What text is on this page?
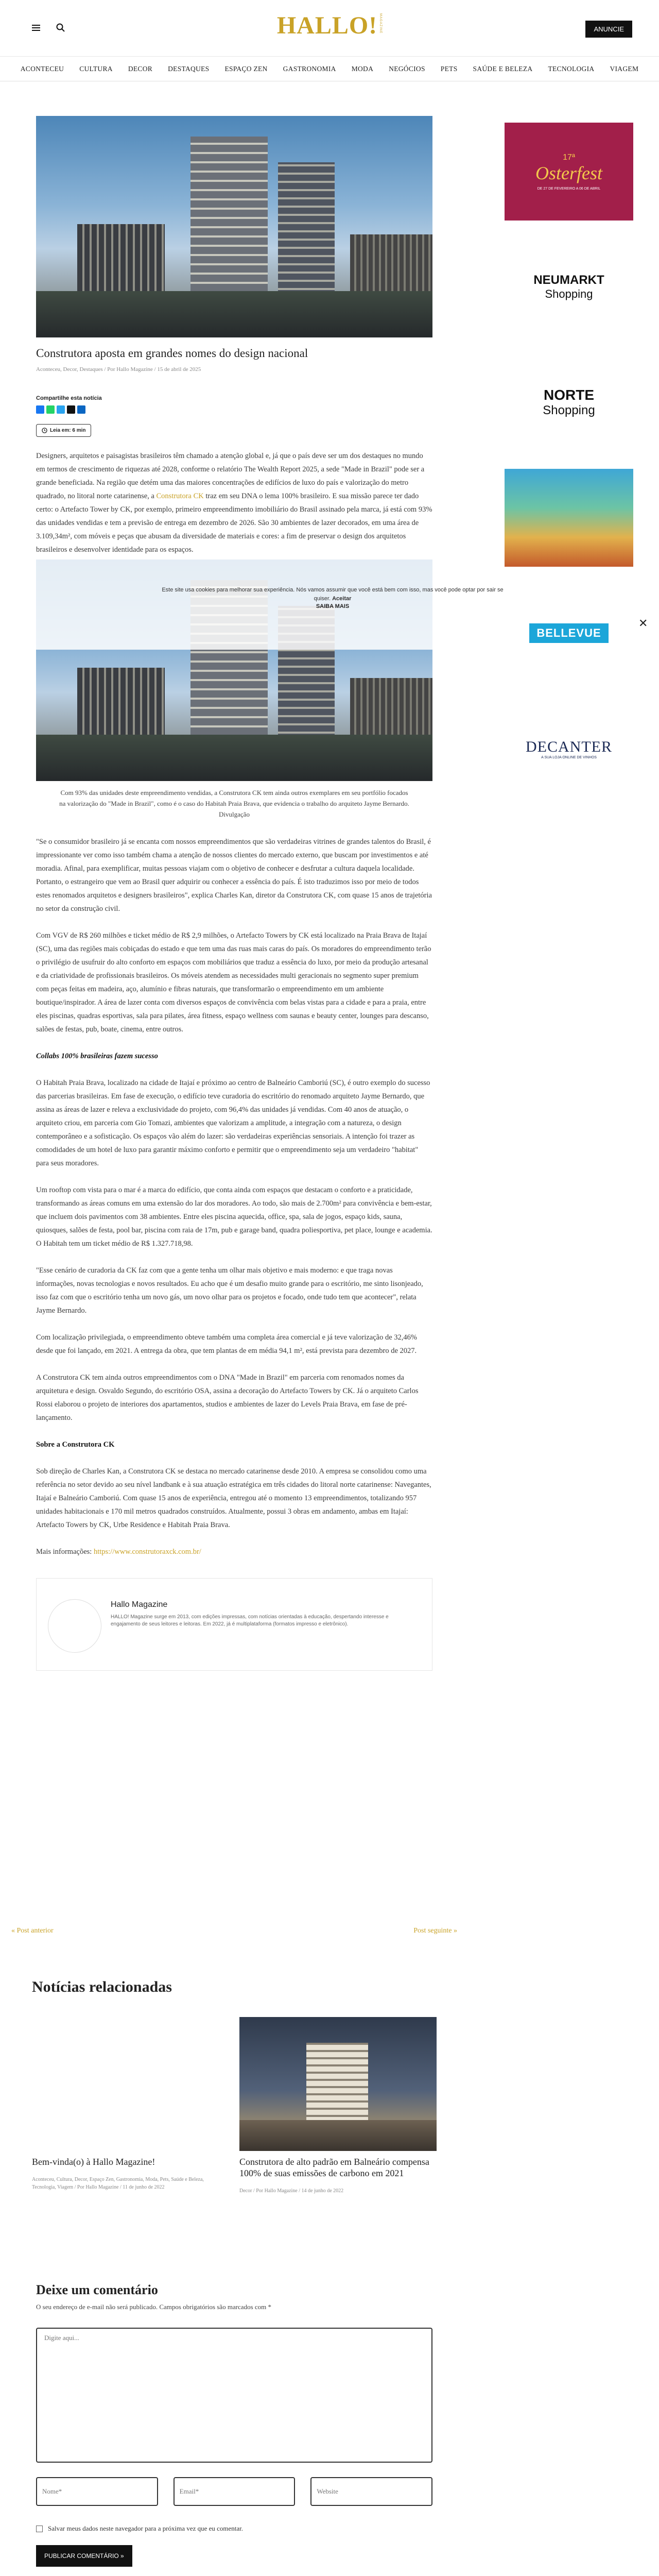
HALLO! MAGAZINE	ANUNCIE
ACONTECEU CULTURA DECOR DESTAQUES ESPAÇO ZEN GASTRONOMIA MODA NEGÓCIOS PETS SAÚDE E BELEZA TECNOLOGIA VIAGEM
Construtora aposta em grandes nomes do design nacional
Aconteceu, Decor, Destaques / Por Hallo Magazine / 15 de abril de 2025
Compartilhe esta notícia
Leia em: 6 min

Designers, arquitetos e paisagistas brasileiros têm chamado a atenção global e, já que o país deve ser um dos destaques no mundo em termos de crescimento de riquezas até 2028, conforme o relatório The Wealth Report 2025, a sede "Made in Brazil" pode ser a grande beneficiada. Na região que detém uma das maiores concentrações de edifícios de luxo do país e valorização do metro quadrado, no litoral norte catarinense, a Construtora CK traz em seu DNA o lema 100% brasileiro. E sua missão parece ter dado certo: o Artefacto Tower by CK, por exemplo, primeiro empreendimento imobiliário do Brasil assinado pela marca, já está com 93% das unidades vendidas e tem a previsão de entrega em dezembro de 2026. São 30 ambientes de lazer decorados, em uma área de 3.109,34m², com móveis e peças que abusam da diversidade de materiais e cores: a fim de preservar o design dos arquitetos brasileiros e desenvolver identidade para os espaços.

Com 93% das unidades deste empreendimento vendidas, a Construtora CK tem ainda outros exemplares em seu portfólio focados na valorização do "Made in Brazil", como é o caso do Habitah Praia Brava, que evidencia o trabalho do arquiteto Jayme Bernardo. Divulgação

"Se o consumidor brasileiro já se encanta com nossos empreendimentos que são verdadeiras vitrines de grandes talentos do Brasil, é impressionante ver como isso também chama a atenção de nossos clientes do mercado externo, que buscam por investimentos e até moradia. Afinal, para exemplificar, muitas pessoas viajam com o objetivo de conhecer e desfrutar a cultura daquela localidade. Portanto, o estrangeiro que vem ao Brasil quer adquirir ou conhecer a essência do país. É isto traduzimos isso por meio de todos estes renomados arquitetos e designers brasileiros", explica Charles Kan, diretor da Construtora CK, com quase 15 anos de trajetória no setor da construção civil.

Com VGV de R$ 260 milhões e ticket médio de R$ 2,9 milhões, o Artefacto Towers by CK está localizado na Praia Brava de Itajaí (SC), uma das regiões mais cobiçadas do estado e que tem uma das ruas mais caras do país. Os moradores do empreendimento terão o privilégio de usufruir do alto conforto em espaços com mobiliários que traduz a essência do luxo, por meio da produção artesanal e da criatividade de profissionais brasileiros. Os móveis atendem as necessidades multi geracionais no segmento super premium com peças feitas em madeira, aço, alumínio e fibras naturais, que transformarão o empreendimento em um ambiente boutique/inspirador. A área de lazer conta com diversos espaços de convivência com belas vistas para a cidade e para a praia, entre eles piscinas, quadras esportivas, sala para pilates, área fitness, espaço wellness com saunas e beauty center, lounges para descanso, salões de festas, pub, boate, cinema, entre outros.

Collabs 100% brasileiras fazem sucesso

O Habitah Praia Brava, localizado na cidade de Itajaí e próximo ao centro de Balneário Camboriú (SC), é outro exemplo do sucesso das parcerias brasileiras. Em fase de execução, o edifício teve curadoria do escritório do renomado arquiteto Jayme Bernardo, que assina as áreas de lazer e releva a exclusividade do projeto, com 96,4% das unidades já vendidas. Com 40 anos de atuação, o arquiteto criou, em parceria com Gio Tomazi, ambientes que valorizam a amplitude, a integração com a natureza, o design contemporâneo e a sofisticação. Os espaços vão além do lazer: são verdadeiras experiências sensoriais. A intenção foi trazer as comodidades de um hotel de luxo para garantir máximo conforto e permitir que o empreendimento seja um verdadeiro "habitat" para seus moradores.

Um rooftop com vista para o mar é a marca do edifício, que conta ainda com espaços que destacam o conforto e a praticidade, transformando as áreas comuns em uma extensão do lar dos moradores. Ao todo, são mais de 2.700m² para convivência e bem-estar, que incluem dois pavimentos com 38 ambientes. Entre eles piscina aquecida, office, spa, sala de jogos, espaço kids, sauna, quiosques, salões de festa, pool bar, piscina com raia de 17m, pub e garage band, quadra poliesportiva, pet place, lounge e academia. O Habitah tem um ticket médio de R$ 1.327.718,98.

"Esse cenário de curadoria da CK faz com que a gente tenha um olhar mais objetivo e mais moderno: e que traga novas informações, novas tecnologias e novos resultados. Eu acho que é um desafio muito grande para o escritório, me sinto lisonjeado, isso faz com que o escritório tenha um novo gás, um novo olhar para os projetos e focado, onde tudo tem que acontecer", relata Jayme Bernardo.

Com localização privilegiada, o empreendimento obteve também uma completa área comercial e já teve valorização de 32,46% desde que foi lançado, em 2021. A entrega da obra, que tem plantas de em média 94,1 m², está prevista para dezembro de 2027.

A Construtora CK tem ainda outros empreendimentos com o DNA "Made in Brazil" em parceria com renomados nomes da arquitetura e design. Osvaldo Segundo, do escritório OSA, assina a decoração do Artefacto Towers by CK. Já o arquiteto Carlos Rossi elaborou o projeto de interiores dos apartamentos, studios e ambientes de lazer do Levels Praia Brava, em fase de pré-lançamento.

Sobre a Construtora CK

Sob direção de Charles Kan, a Construtora CK se destaca no mercado catarinense desde 2010. A empresa se consolidou como uma referência no setor devido ao seu nível landbank e à sua atuação estratégica em três cidades do litoral norte catarinense: Navegantes, Itajaí e Balneário Camboriú. Com quase 15 anos de experiência, entregou até o momento 13 empreendimentos, totalizando 957 unidades habitacionais e 170 mil metros quadrados construídos. Atualmente, possui 3 obras em andamento, ambas em Itajaí: Artefacto Towers by CK, Urbe Residence e Habitah Praia Brava.

Mais informações: https://www.construtoraxck.com.br/

Hallo Magazine
HALLO! Magazine surge em 2013, com edições impressas, com notícias orientadas à educação, despertando interesse e engajamento de seus leitores e leitoras. Em 2022, já é multiplataforma (formatos impresso e eletrônico).
Este site usa cookies para melhorar sua experiência. Nós vamos assumir que você está bem com isso, mas você pode optar por sair se quiser. Aceitar
SAIBA MAIS
✕
17ª
Osterfest
DE 27 DE FEVEREIRO A 06 DE ABRIL
NEUMARKT
Shopping
NORTE
Shopping
BELLEVUE
DECANTER
A SUA LOJA ONLINE DE VINHOS
« Post anterior	Post seguinte »
Notícias relacionadas
Bem-vinda(o) à Hallo Magazine!
Aconteceu, Cultura, Decor, Espaço Zen, Gastronomia, Moda, Pets, Saúde e Beleza, Tecnologia, Viagem / Por Hallo Magazine / 11 de junho de 2022
Construtora de alto padrão em Balneário compensa 100% de suas emissões de carbono em 2021
Decor / Por Hallo Magazine / 14 de junho de 2022
Deixe um comentário
O seu endereço de e-mail não será publicado. Campos obrigatórios são marcados com *
Digite aqui...
Nome*
Email*
Website
Salvar meus dados neste navegador para a próxima vez que eu comentar.
PUBLICAR COMENTÁRIO »
